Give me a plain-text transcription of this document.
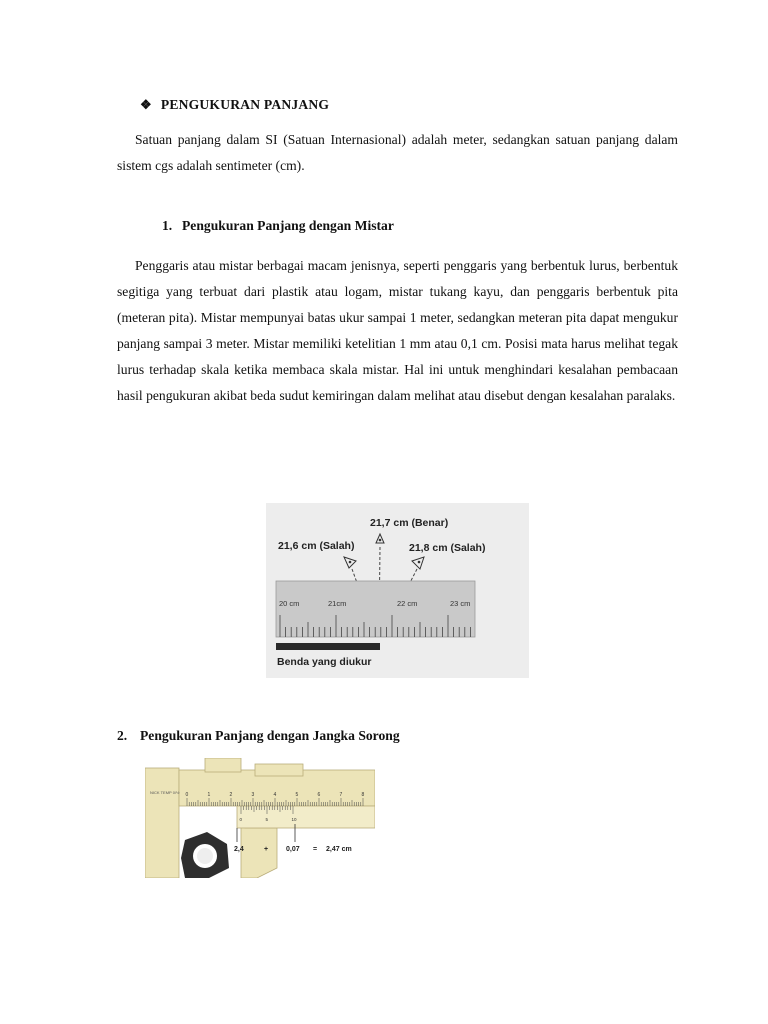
❖ PENGUKURAN PANJANG

Satuan panjang dalam SI (Satuan Internasional) adalah meter, sedangkan satuan panjang dalam sistem cgs adalah sentimeter (cm).

1. Pengukuran Panjang dengan Mistar

Penggaris atau mistar berbagai macam jenisnya, seperti penggaris yang berbentuk lurus, berbentuk segitiga yang terbuat dari plastik atau logam, mistar tukang kayu, dan penggaris berbentuk pita (meteran pita). Mistar mempunyai batas ukur sampai 1 meter, sedangkan meteran pita dapat mengukur panjang sampai 3 meter. Mistar memiliki ketelitian 1 mm atau 0,1 cm. Posisi mata harus melihat tegak lurus terhadap skala ketika membaca skala mistar. Hal ini untuk menghindari kesalahan pembacaan hasil pengukuran akibat beda sudut kemiringan dalam melihat atau disebut dengan kesalahan paralaks.

21,7 cm (Benar)
21,6 cm (Salah)	21,8 cm (Salah)
20 cm	21cm	22 cm	23 cm
Benda yang diukur
2. Pengukuran Panjang dengan Jangka Sorong
NICK TEMP 0/½ 0	1	2	3	4	5	6	7	8
0	5	10
2,4	+	0,07 = 2,47 cm
